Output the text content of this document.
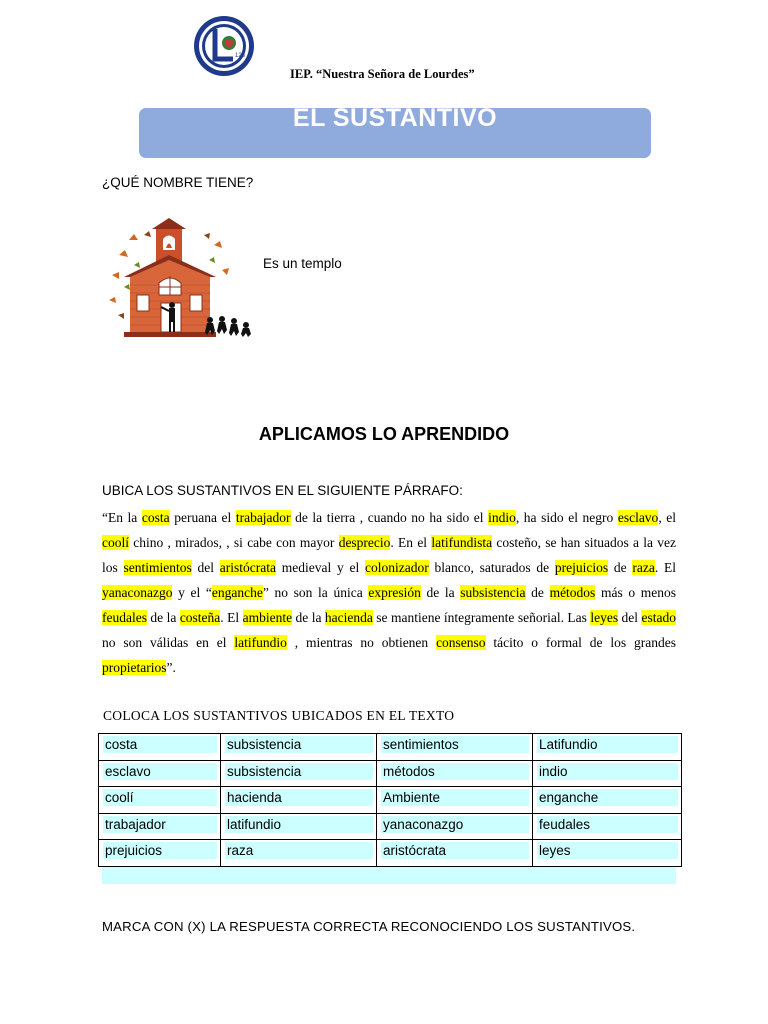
126
IEP. “Nuestra Señora de Lourdes”
EL SUSTANTIVO
¿QUÉ NOMBRE TIENE?
Es un templo
APLICAMOS LO APRENDIDO
UBICA LOS SUSTANTIVOS EN EL SIGUIENTE PÁRRAFO:
“En la costa peruana el trabajador de la tierra , cuando no ha sido el indio, ha sido el negro esclavo, el coolí chino , mirados, , si cabe con mayor desprecio. En el latifundista costeño, se han situados a la vez los sentimientos del aristócrata medieval y el colonizador blanco, saturados de prejuicios de raza. El yanaconazgo y el “enganche” no son la única expresión de la subsistencia de métodos más o menos feudales de la costeña. El ambiente de la hacienda se mantiene íntegramente señorial. Las leyes del estado no son válidas en el latifundio , mientras no obtienen consenso tácito o formal de los grandes propietarios”.
COLOCA LOS SUSTANTIVOS UBICADOS EN EL TEXTO
costa	subsistencia	sentimientos	Latifundio

esclavo	subsistencia	métodos	indio

coolí	hacienda	Ambiente	enganche

trabajador	latifundio	yanaconazgo	feudales

prejuicios	raza	aristócrata	leyes
MARCA CON (X) LA RESPUESTA CORRECTA RECONOCIENDO LOS SUSTANTIVOS.
